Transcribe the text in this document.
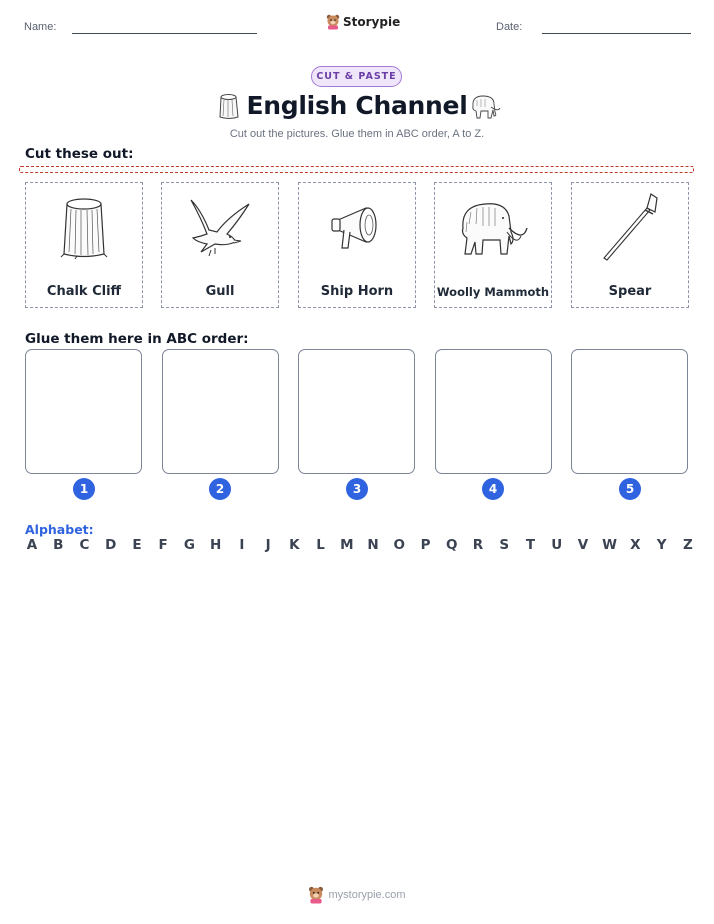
Name:	Storypie	Date:
CUT & PASTE
English Channel
Cut out the pictures. Glue them in ABC order, A to Z.
Cut these out:
Chalk Cliff	Gull	Ship Horn	Woolly Mammoth	Spear
Glue them here in ABC order:
1	2	3	4	5
Alphabet:
A B C D E F G H	I	J	K L M N O P Q R S T U V W X Y Z
mystorypie.com
